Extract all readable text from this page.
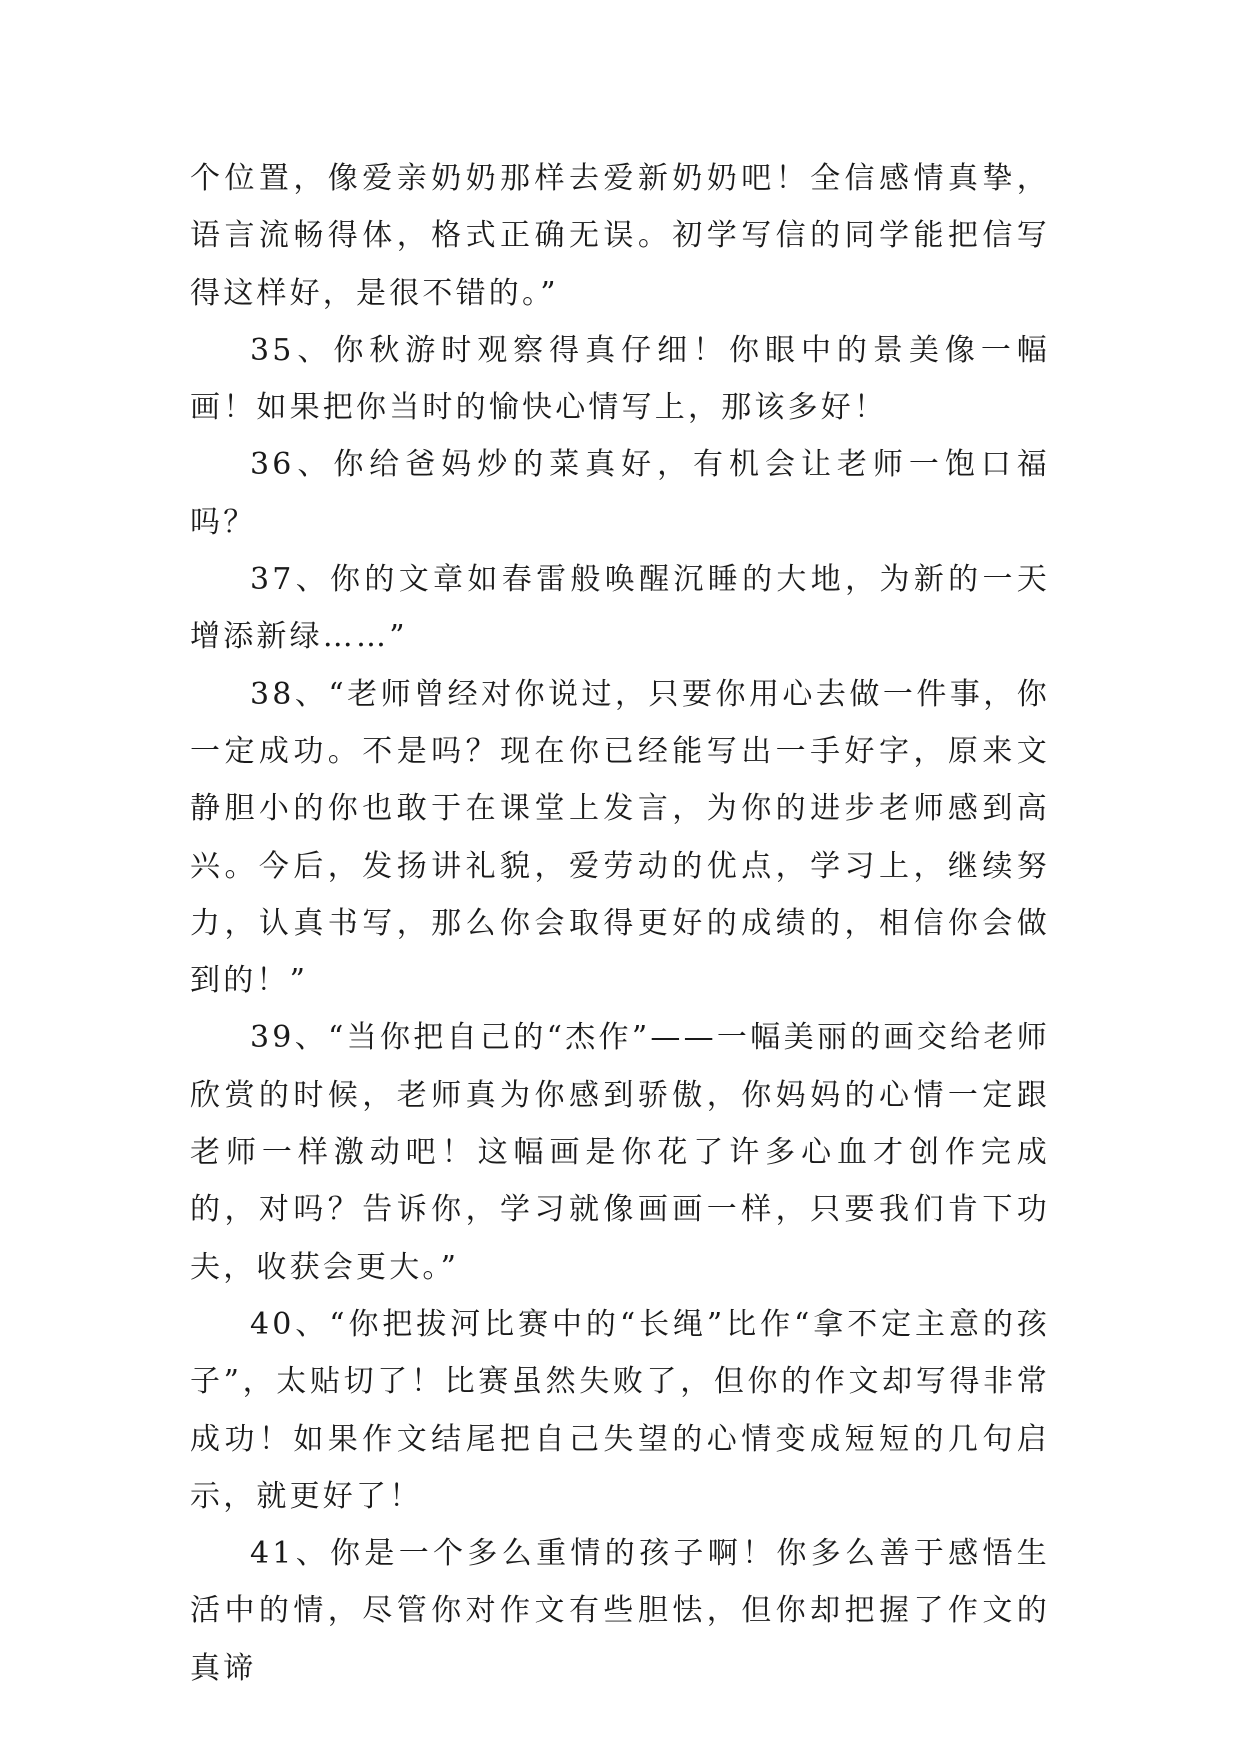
个位置，像爱亲奶奶那样去爱新奶奶吧！全信感情真挚，语言流畅得体，格式正确无误。初学写信的同学能把信写得这样好，是很不错的。”

35、你秋游时观察得真仔细！你眼中的景美像一幅画！如果把你当时的愉快心情写上，那该多好！

36、你给爸妈炒的菜真好，有机会让老师一饱口福吗？

37、你的文章如春雷般唤醒沉睡的大地，为新的一天增添新绿……”

38、“老师曾经对你说过，只要你用心去做一件事，你一定成功。不是吗？现在你已经能写出一手好字，原来文静胆小的你也敢于在课堂上发言，为你的进步老师感到高兴。今后，发扬讲礼貌，爱劳动的优点，学习上，继续努力，认真书写，那么你会取得更好的成绩的，相信你会做到的！”

39、“当你把自己的“杰作”——一幅美丽的画交给老师欣赏的时候，老师真为你感到骄傲，你妈妈的心情一定跟老师一样激动吧！这幅画是你花了许多心血才创作完成的，对吗？告诉你，学习就像画画一样，只要我们肯下功夫，收获会更大。”

40、“你把拔河比赛中的“长绳”比作“拿不定主意的孩子”，太贴切了！比赛虽然失败了，但你的作文却写得非常成功！如果作文结尾把自己失望的心情变成短短的几句启示，就更好了！

41、你是一个多么重情的孩子啊！你多么善于感悟生活中的情，尽管你对作文有些胆怯，但你却把握了作文的真谛
